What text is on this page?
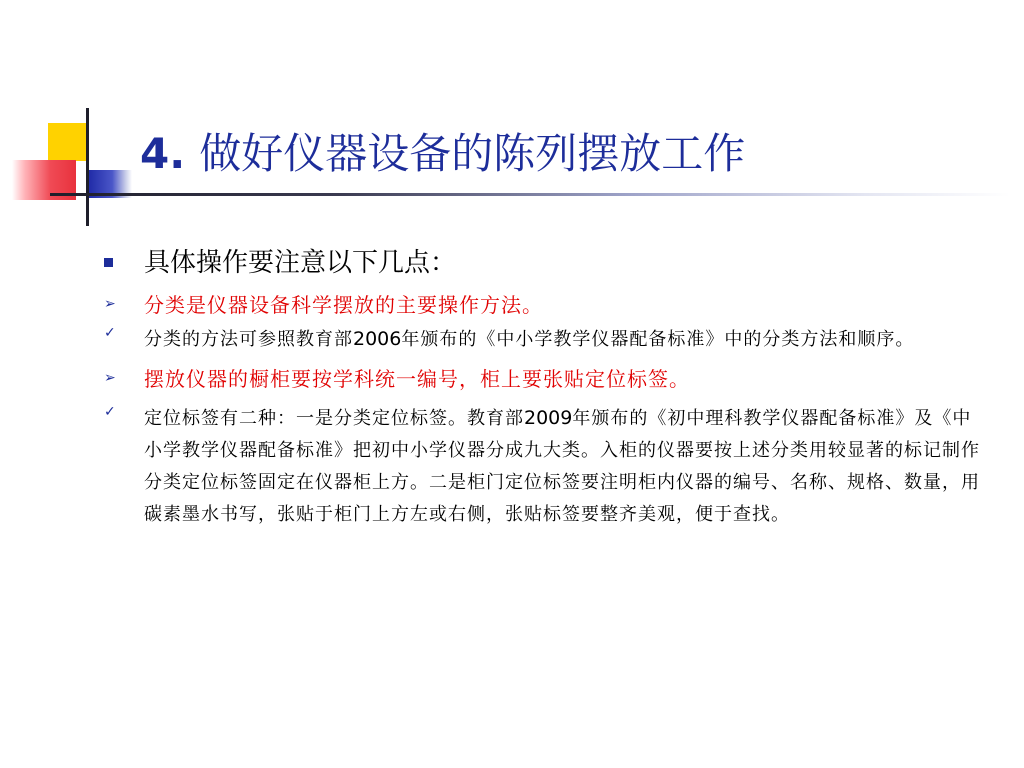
4. 做好仪器设备的陈列摆放工作

具体操作要注意以下几点：

➢ 分类是仪器设备科学摆放的主要操作方法。

✓ 分类的方法可参照教育部2006年颁布的《中小学教学仪器配备标准》中的分类方法和顺序。

➢ 摆放仪器的橱柜要按学科统一编号，柜上要张贴定位标签。

✓ 定位标签有二种：一是分类定位标签。教育部2009年颁布的《初中理科教学仪器配备标准》及《中小学教学仪器配备标准》把初中小学仪器分成九大类。入柜的仪器要按上述分类用较显著的标记制作分类定位标签固定在仪器柜上方。二是柜门定位标签要注明柜内仪器的编号、名称、规格、数量，用碳素墨水书写，张贴于柜门上方左或右侧，张贴标签要整齐美观，便于查找。
